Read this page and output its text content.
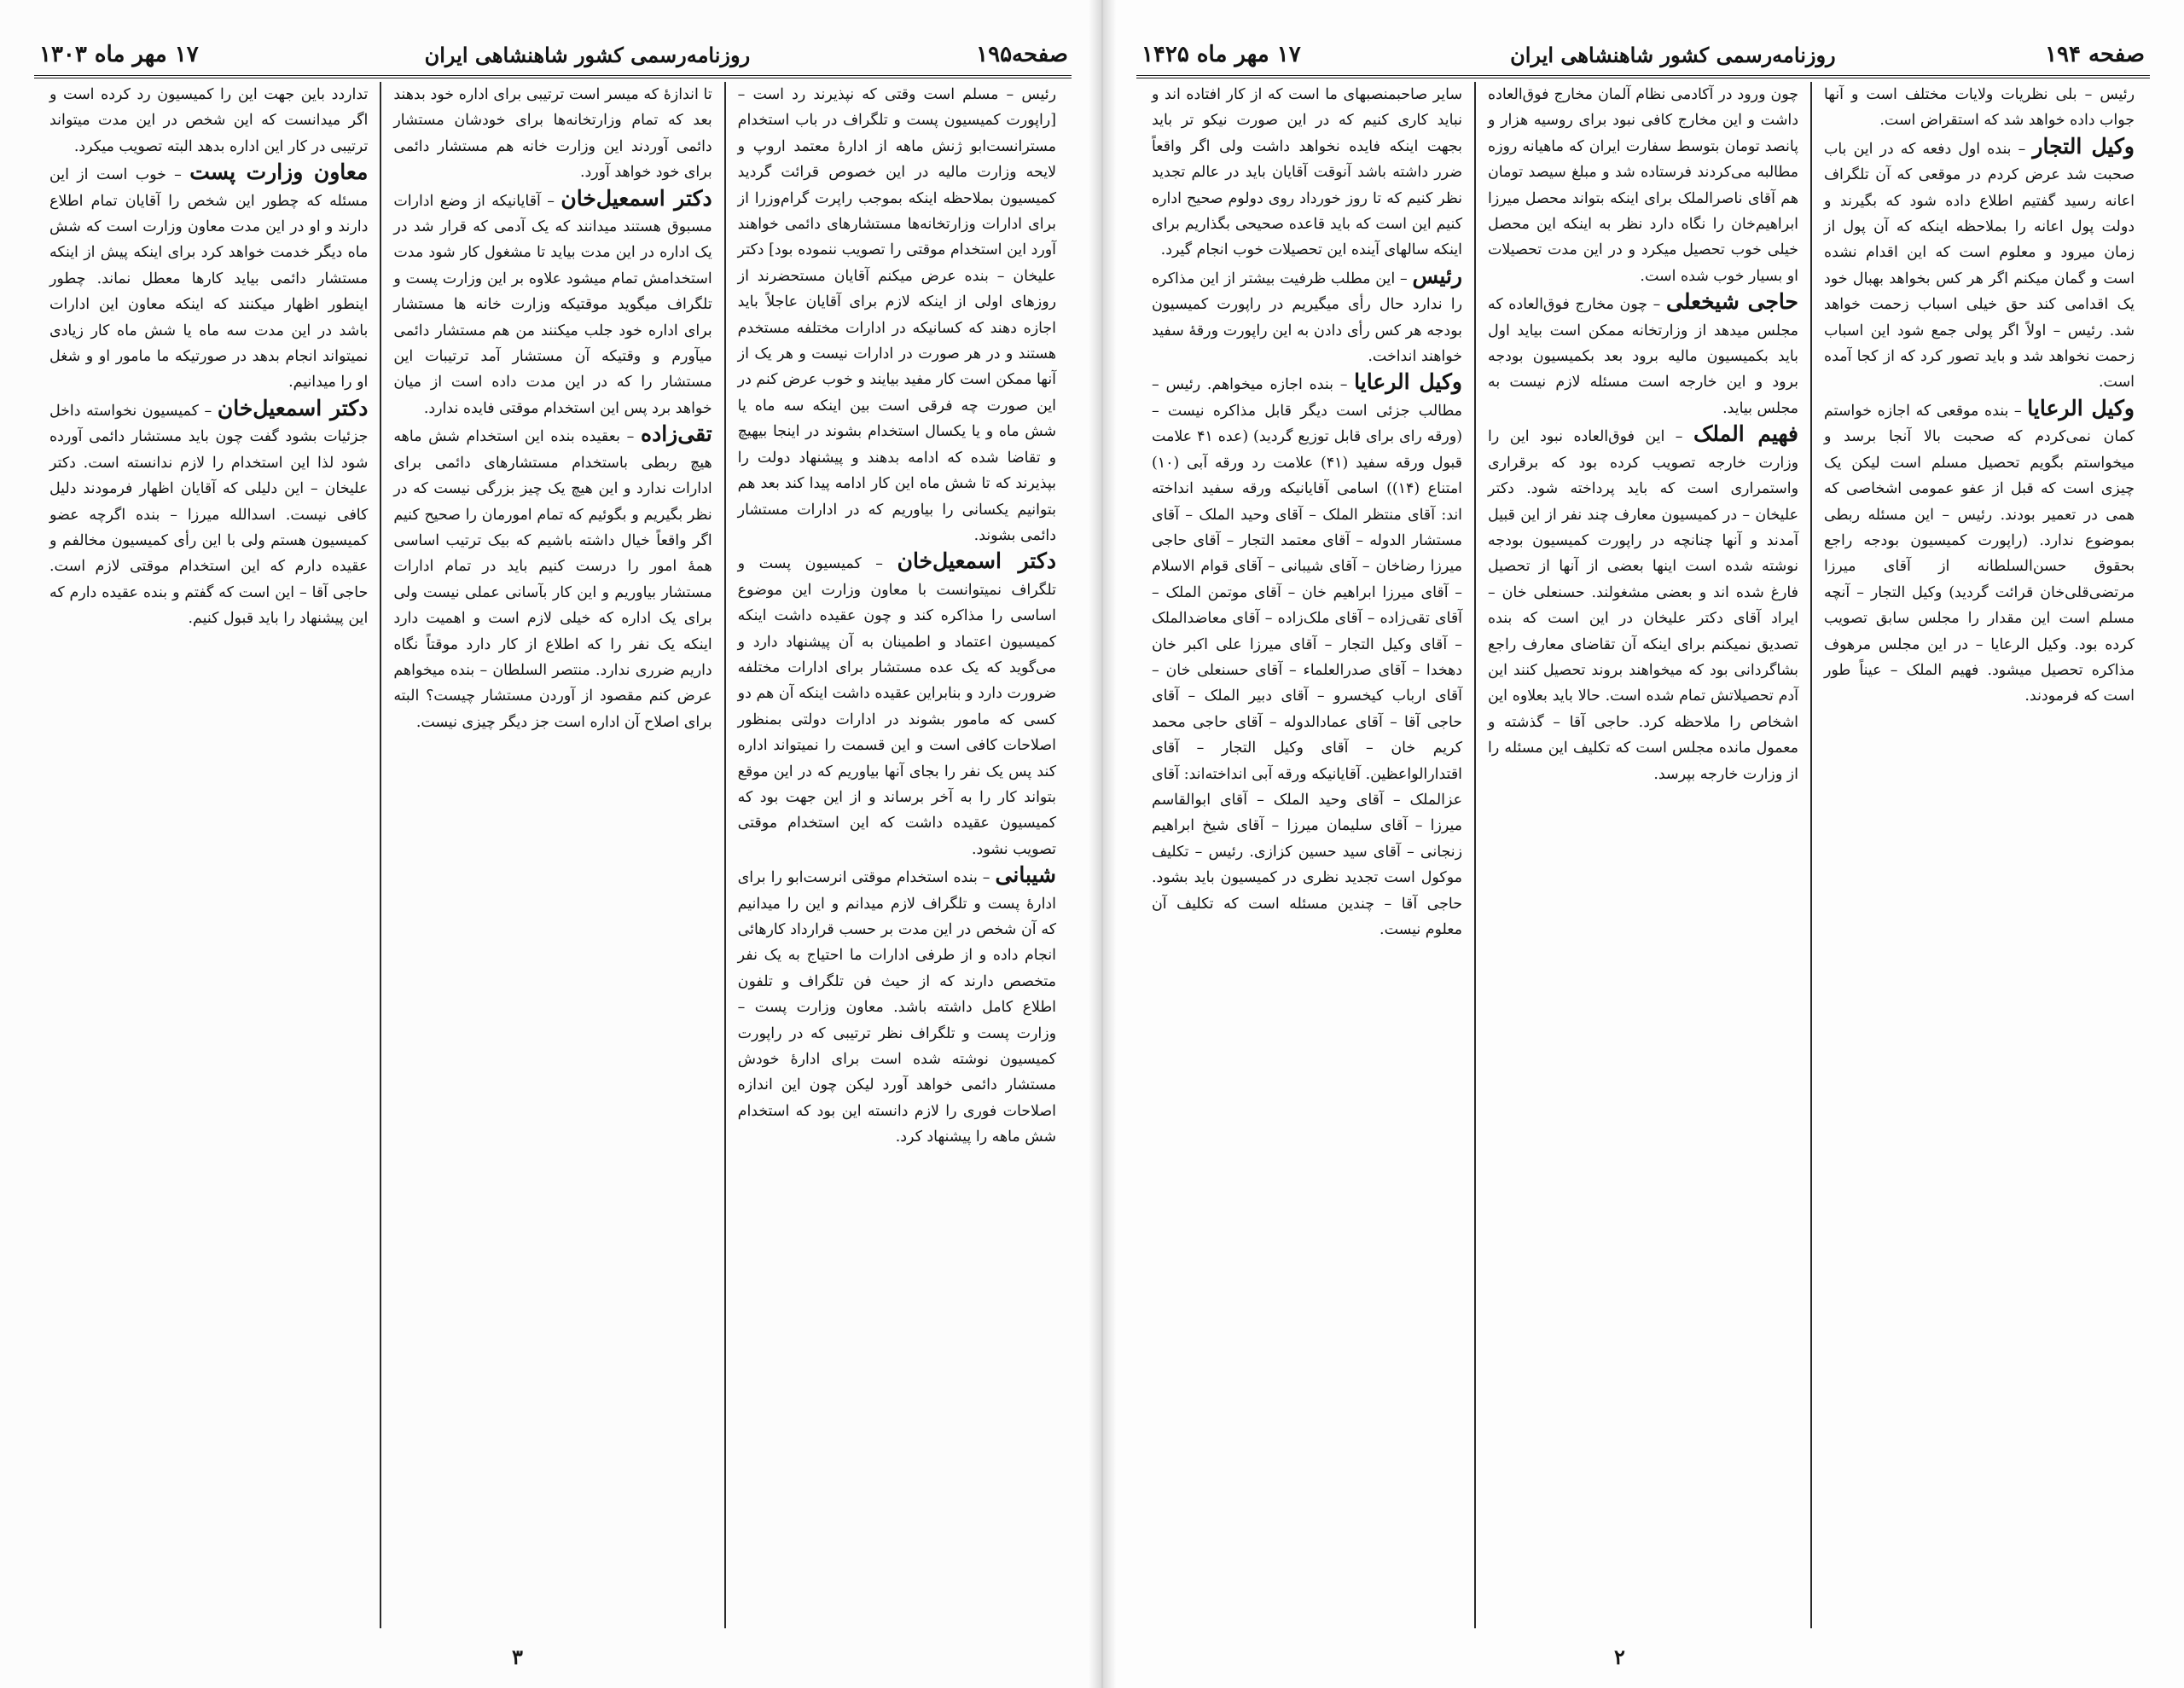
صفحه۱۹۵
روزنامه‌رسمی کشور شاهنشاهی ایران
۱۷ مهر ماه ۱۳۰۳

رئیس – مسلم است وقتی که نپذیرند رد است – [راپورت کمیسیون پست و تلگراف در باب استخدام مسترانست‌ابو ژنش ماهه از ادارهٔ معتمد اروپ و لایحه وزارت مالیه در این خصوص قرائت گردید کمیسیون بملاحظه اینکه بموجب راپرت گرام‌وزرا از برای ادارات وزارتخانه‌ها مستشارهای دائمی خواهند آورد این استخدام موقتی را تصویب ننموده بود] دکتر علیخان – بنده عرض میکنم آقایان مستحضرند از روزهای اولی از اینکه لازم برای آقایان عاجلاً باید اجازه دهند که کسانیکه در ادارات مختلفه مستخدم هستند و در هر صورت در ادارات نیست و هر یک از آنها ممکن است کار مفید بیایند و خوب عرض کنم در این صورت چه فرقی است بین اینکه سه ماه یا شش ماه و یا یکسال استخدام بشوند در اینجا بیهیچ و تقاضا شده که ادامه بدهند و پیشنهاد دولت را بپذیرند که تا شش ماه این کار ادامه پیدا کند بعد هم بتوانیم یکسانی را بیاوریم که در ادارات مستشار دائمی بشوند.

دکتر اسمعیل‌خان – کمیسیون پست و تلگراف نمیتوانست با معاون وزارت این موضوع اساسی را مذاکره کند و چون عقیده داشت اینکه کمیسیون اعتماد و اطمینان به آن پیشنهاد دارد و می‌گوید که یک عده مستشار برای ادارات مختلفه ضرورت دارد و بنابراین عقیده داشت اینکه آن هم دو کسی که مامور بشوند در ادارات دولتی بمنظور اصلاحات کافی است و این قسمت را نمیتواند اداره کند پس یک نفر را بجای آنها بیاوریم که در این موقع بتواند کار را به آخر برساند و از این جهت بود که کمیسیون عقیده داشت که این استخدام موقتی تصویب نشود.

شیبانی – بنده استخدام موقتی انرست‌ابو را برای ادارهٔ پست و تلگراف لازم میدانم و این را میدانیم که آن شخص در این مدت بر حسب قرارداد کارهائی انجام داده و از طرفی ادارات ما احتیاج به یک نفر متخصص دارند که از حیث فن تلگراف و تلفون اطلاع کامل داشته باشد. معاون وزارت پست – وزارت پست و تلگراف نظر ترتیبی که در راپورت کمیسیون نوشته شده است برای ادارهٔ خودش مستشار دائمی خواهد آورد لیکن چون این اندازه اصلاحات فوری را لازم دانسته این بود که استخدام شش ماهه را پیشنهاد کرد.

تا اندازهٔ که میسر است ترتیبی برای اداره خود بدهند بعد که تمام وزارتخانه‌ها برای خودشان مستشار دائمی آوردند این وزارت خانه هم مستشار دائمی برای خود خواهد آورد.

دکتر اسمعیل‌خان – آقایانیکه از وضع ادارات مسبوق هستند میدانند که یک آدمی که قرار شد در یک اداره در این مدت بیاید تا مشغول کار شود مدت استخدامش تمام میشود علاوه بر این وزارت پست و تلگراف میگوید موقتیکه وزارت خانه ها مستشار برای اداره خود جلب میکنند من هم مستشار دائمی میآورم و وقتیکه آن مستشار آمد ترتیبات این مستشار را که در این مدت داده است از میان خواهد برد پس این استخدام موقتی فایده ندارد.

تقی‌زاده – بعقیده بنده این استخدام شش ماهه هیچ ربطی باستخدام مستشارهای دائمی برای ادارات ندارد و این هیچ یک چیز بزرگی نیست که در نظر بگیریم و بگوئیم که تمام امورمان را صحیح کنیم اگر واقعاً خیال داشته باشیم که بیک ترتیب اساسی همهٔ امور را درست کنیم باید در تمام ادارات مستشار بیاوریم و این کار بآسانی عملی نیست ولی برای یک اداره که خیلی لازم است و اهمیت دارد اینکه یک نفر را که اطلاع از کار دارد موقتاً نگاه داریم ضرری ندارد. منتصر السلطان – بنده میخواهم عرض کنم مقصود از آوردن مستشار چیست؟ البته برای اصلاح آن اداره است جز دیگر چیزی نیست.

تداردد باین جهت این را کمیسیون رد کرده است و اگر میدانست که این شخص در این مدت میتواند ترتیبی در کار این اداره بدهد البته تصویب میکرد.

معاون وزارت پست – خوب است از این مسئله که چطور این شخص را آقایان تمام اطلاع دارند و او در این مدت معاون وزارت است که شش ماه دیگر خدمت خواهد کرد برای اینکه پیش از اینکه مستشار دائمی بیاید کارها معطل نماند. چطور اینطور اظهار میکنند که اینکه معاون این ادارات باشد در این مدت سه ماه یا شش ماه کار زیادی نمیتواند انجام بدهد در صورتیکه ما مامور او و شغل او را میدانیم.

دکتر اسمعیل‌خان – کمیسیون نخواسته داخل جزئیات بشود گفت چون باید مستشار دائمی آورده شود لذا این استخدام را لازم ندانسته است. دکتر علیخان – این دلیلی که آقایان اظهار فرمودند دلیل کافی نیست. اسدالله میرزا – بنده اگرچه عضو کمیسیون هستم ولی با این رأی کمیسیون مخالفم و عقیده دارم که این استخدام موقتی لازم است. حاجی آقا – این است که گفتم و بنده عقیده دارم که این پیشنهاد را باید قبول کنیم.

۳
صفحه ۱۹۴
روزنامه‌رسمی کشور شاهنشاهی ایران
۱۷ مهر ماه ۱۴۲۵

رئیس – بلی نظریات ولایات مختلف است و آنها جواب داده خواهد شد که استقراض است.

وکیل التجار – بنده اول دفعه که در این باب صحبت شد عرض کردم در موقعی که آن تلگراف اعانه رسید گفتیم اطلاع داده شود که بگیرند و دولت پول اعانه را بملاحظه اینکه که آن پول از زمان میرود و معلوم است که این اقدام نشده است و گمان میکنم اگر هر کس بخواهد بهبال خود یک اقدامی کند حق خیلی اسباب زحمت خواهد شد. رئیس – اولاً اگر پولی جمع شود این اسباب زحمت نخواهد شد و باید تصور کرد که از کجا آمده است.

وکیل الرعایا – بنده موقعی که اجازه خواستم کمان نمی‌کردم که صحبت بالا آنجا برسد و میخواستم بگویم تحصیل مسلم است لیکن یک چیزی است که قبل از عفو عمومی اشخاصی که همی در تعمیر بودند. رئیس – این مسئله ربطی بموضوع ندارد. (راپورت کمیسیون بودجه راجع بحقوق حسن‌السلطانه از آقای میرزا مرتضی‌قلی‌خان قرائت گردید) وکیل التجار – آنچه مسلم است این مقدار را مجلس سابق تصویب کرده بود. وکیل الرعایا – در این مجلس مرهوف مذاکره تحصیل میشود. فهیم الملک – عیناً طور است که فرمودند.

چون ورود در آکادمی نظام آلمان مخارج فوق‌العاده داشت و این مخارج کافی نبود برای روسیه هزار و پانصد تومان بتوسط سفارت ایران که ماهیانه روزه مطالبه می‌کردند فرستاده شد و مبلغ سیصد تومان هم آقای ناصرالملک برای اینکه بتواند محصل میرزا ابراهیم‌خان را نگاه دارد نظر به اینکه این محصل خیلی خوب تحصیل میکرد و در این مدت تحصیلات او بسیار خوب شده است.

حاجی شیخعلی – چون مخارج فوق‌العاده که مجلس میدهد از وزارتخانه ممکن است بیاید اول باید بکمیسیون مالیه برود بعد بکمیسیون بودجه برود و این خارجه است مسئله لازم نیست به مجلس بیاید.

فهیم الملک – این فوق‌العاده نبود این را وزارت خارجه تصویب کرده بود که برقراری واستمراری است که باید پرداخته شود. دکتر علیخان – در کمیسیون معارف چند نفر از این قبیل آمدند و آنها چنانچه در راپورت کمیسیون بودجه نوشته شده است اینها بعضی از آنها از تحصیل فارغ شده اند و بعضی مشغولند. حسنعلی خان – ایراد آقای دکتر علیخان در این است که بنده تصدیق نمیکنم برای اینکه آن تقاضای معارف راجع بشاگردانی بود که میخواهند بروند تحصیل کنند این آدم تحصیلاتش تمام شده است. حالا باید بعلاوه این اشخاص را ملاحظه کرد. حاجی آقا – گذشته و معمول مانده مجلس است که تکلیف این مسئله را از وزارت خارجه بپرسد.

سایر صاحبمنصبهای ما است که از کار افتاده اند و نباید کاری کنیم که در این صورت نیکو تر باید بجهت اینکه فایده نخواهد داشت ولی اگر واقعاً ضرر داشته باشد آنوقت آقایان باید در عالم تجدید نظر کنیم که تا روز خورداد روی دولوم صحیح اداره کنیم این است که باید قاعده صحیحی بگذاریم برای اینکه سالهای آینده این تحصیلات خوب انجام گیرد.

رئیس – این مطلب ظرفیت بیشتر از این مذاکره را ندارد حال رأی میگیریم در راپورت کمیسیون بودجه هر کس رأی دادن به این راپورت ورقهٔ سفید خواهند انداخت.

وکیل الرعایا – بنده اجازه میخواهم. رئیس – مطالب جزئی است دیگر قابل مذاکره نیست – (ورقه رای برای قابل توزیع گردید) (عده ۴۱ علامت قبول ورقه سفید (۴۱) علامت رد ورقه آبی (۱۰) امتناع (۱۴)) اسامی آقایانیکه ورقه سفید انداخته اند: آقای منتظر الملک – آقای وحید الملک – آقای مستشار الدوله – آقای معتمد التجار – آقای حاجی میرزا رضاخان – آقای شیبانی – آقای قوام الاسلام – آقای میرزا ابراهیم خان – آقای موتمن الملک – آقای تقی‌زاده – آقای ملک‌زاده – آقای معاضدالملک – آقای وکیل التجار – آقای میرزا علی اکبر خان دهخدا – آقای صدرالعلماء – آقای حسنعلی خان – آقای ارباب کیخسرو – آقای دبیر الملک – آقای حاجی آقا – آقای عمادالدوله – آقای حاجی محمد کریم خان – آقای وکیل التجار – آقای اقتدارالواعظین. آقایانیکه ورقه آبی انداخته‌اند: آقای عزالملک – آقای وحید الملک – آقای ابوالقاسم میرزا – آقای سلیمان میرزا – آقای شیخ ابراهیم زنجانی – آقای سید حسین کزازی. رئیس – تکلیف موکول است تجدید نظری در کمیسیون باید بشود. حاجی آقا – چندین مسئله است که تکلیف آن معلوم نیست.

۲
